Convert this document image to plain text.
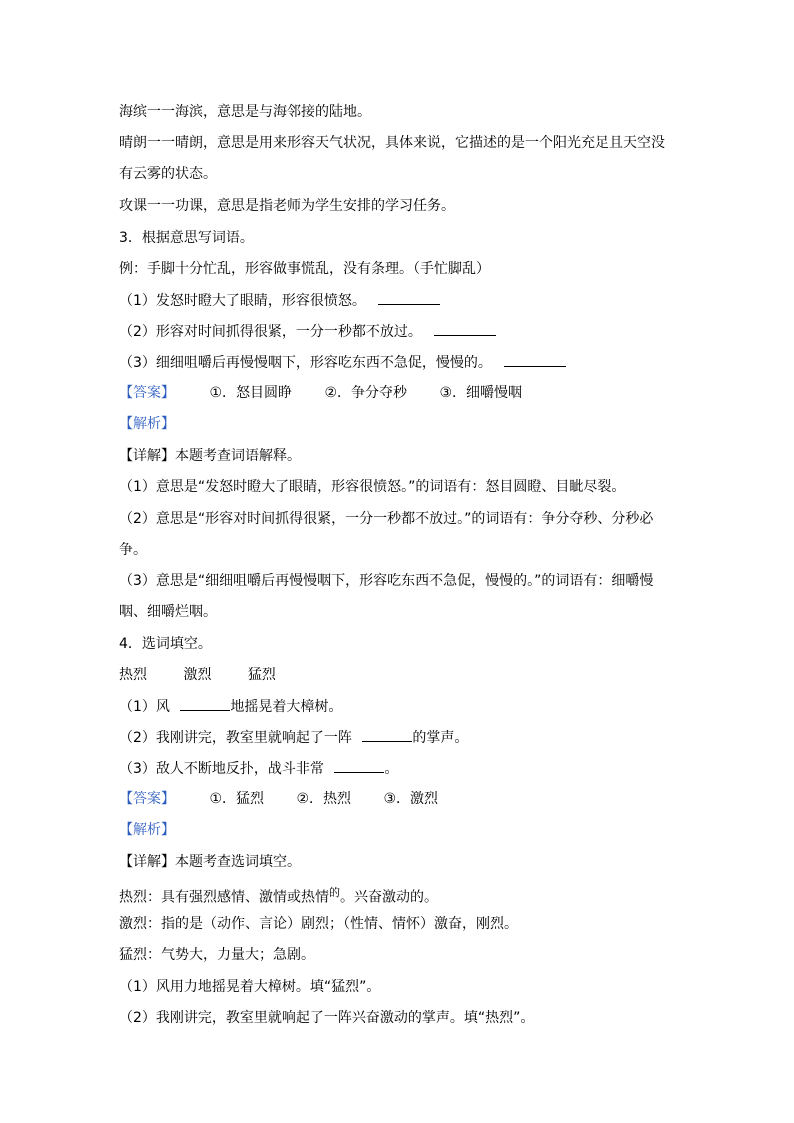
海缤一一海滨，意思是与海邻接的陆地。
晴朗一一晴朗，意思是用来形容天气状况，具体来说，它描述的是一个阳光充足且天空没
有云雾的状态。
攻课一一功课，意思是指老师为学生安排的学习任务。
3．根据意思写词语。
例：手脚十分忙乱，形容做事慌乱，没有条理。（手忙脚乱）
（1）发怒时瞪大了眼睛，形容很愤怒。
（2）形容对时间抓得很紧，一分一秒都不放过。
（3）细细咀嚼后再慢慢咽下，形容吃东西不急促，慢慢的。
【答案】 ①．怒目圆睁 ②．争分夺秒 ③．细嚼慢咽
【解析】
【详解】本题考查词语解释。
（1）意思是“发怒时瞪大了眼睛，形容很愤怒。”的词语有：怒目圆瞪、目眦尽裂。
（2）意思是“形容对时间抓得很紧，一分一秒都不放过。”的词语有：争分夺秒、分秒必
争。
（3）意思是“细细咀嚼后再慢慢咽下，形容吃东西不急促，慢慢的。”的词语有：细嚼慢
咽、细嚼烂咽。
4．选词填空。
热烈	激烈	猛烈
（1）风	地摇晃着大樟树。
（2）我刚讲完，教室里就响起了一阵	的掌声。
（3）敌人不断地反扑，战斗非常	。
【答案】 ①．猛烈 ②．热烈 ③．激烈
【解析】
【详解】本题考查选词填空。
热烈：具有强烈感情、激情或热情$^的$。兴奋激动的。
激烈：指的是（动作、言论）剧烈；（性情、情怀）激奋，刚烈。
猛烈：气势大，力量大；急剧。
（1）风用力地摇晃着大樟树。填“猛烈”。
（2）我刚讲完，教室里就响起了一阵兴奋激动的掌声。填“热烈”。
